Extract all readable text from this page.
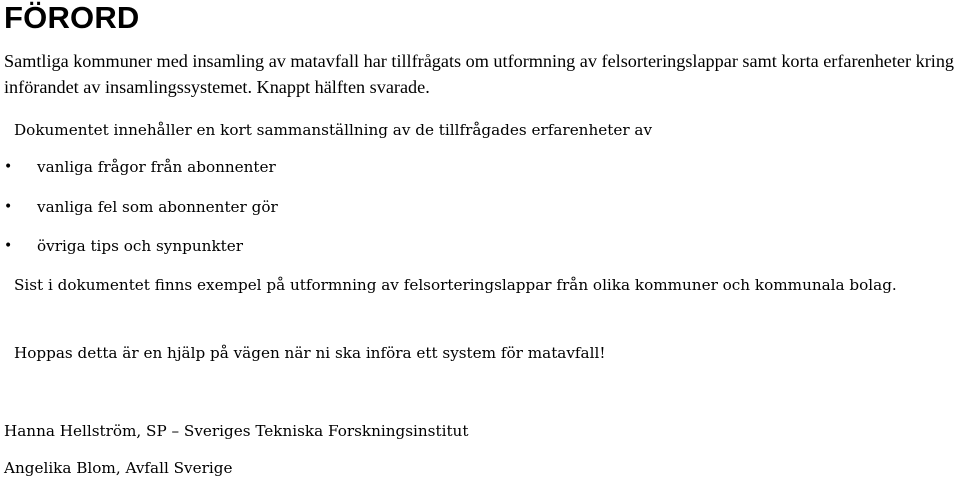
FÖRORD

Samtliga kommuner med insamling av matavfall har tillfrågats om utformning av felsorteringslappar samt korta erfarenheter kring införandet av insamlingssystemet. Knappt hälften svarade.

Dokumentet innehåller en kort sammanställning av de tillfrågades erfarenheter av

• vanliga frågor från abonnenter
• vanliga fel som abonnenter gör
• övriga tips och synpunkter

Sist i dokumentet finns exempel på utformning av felsorteringslappar från olika kommuner och kommunala bolag.

Hoppas detta är en hjälp på vägen när ni ska införa ett system för matavfall!

Hanna Hellström, SP – Sveriges Tekniska Forskningsinstitut

Angelika Blom, Avfall Sverige
